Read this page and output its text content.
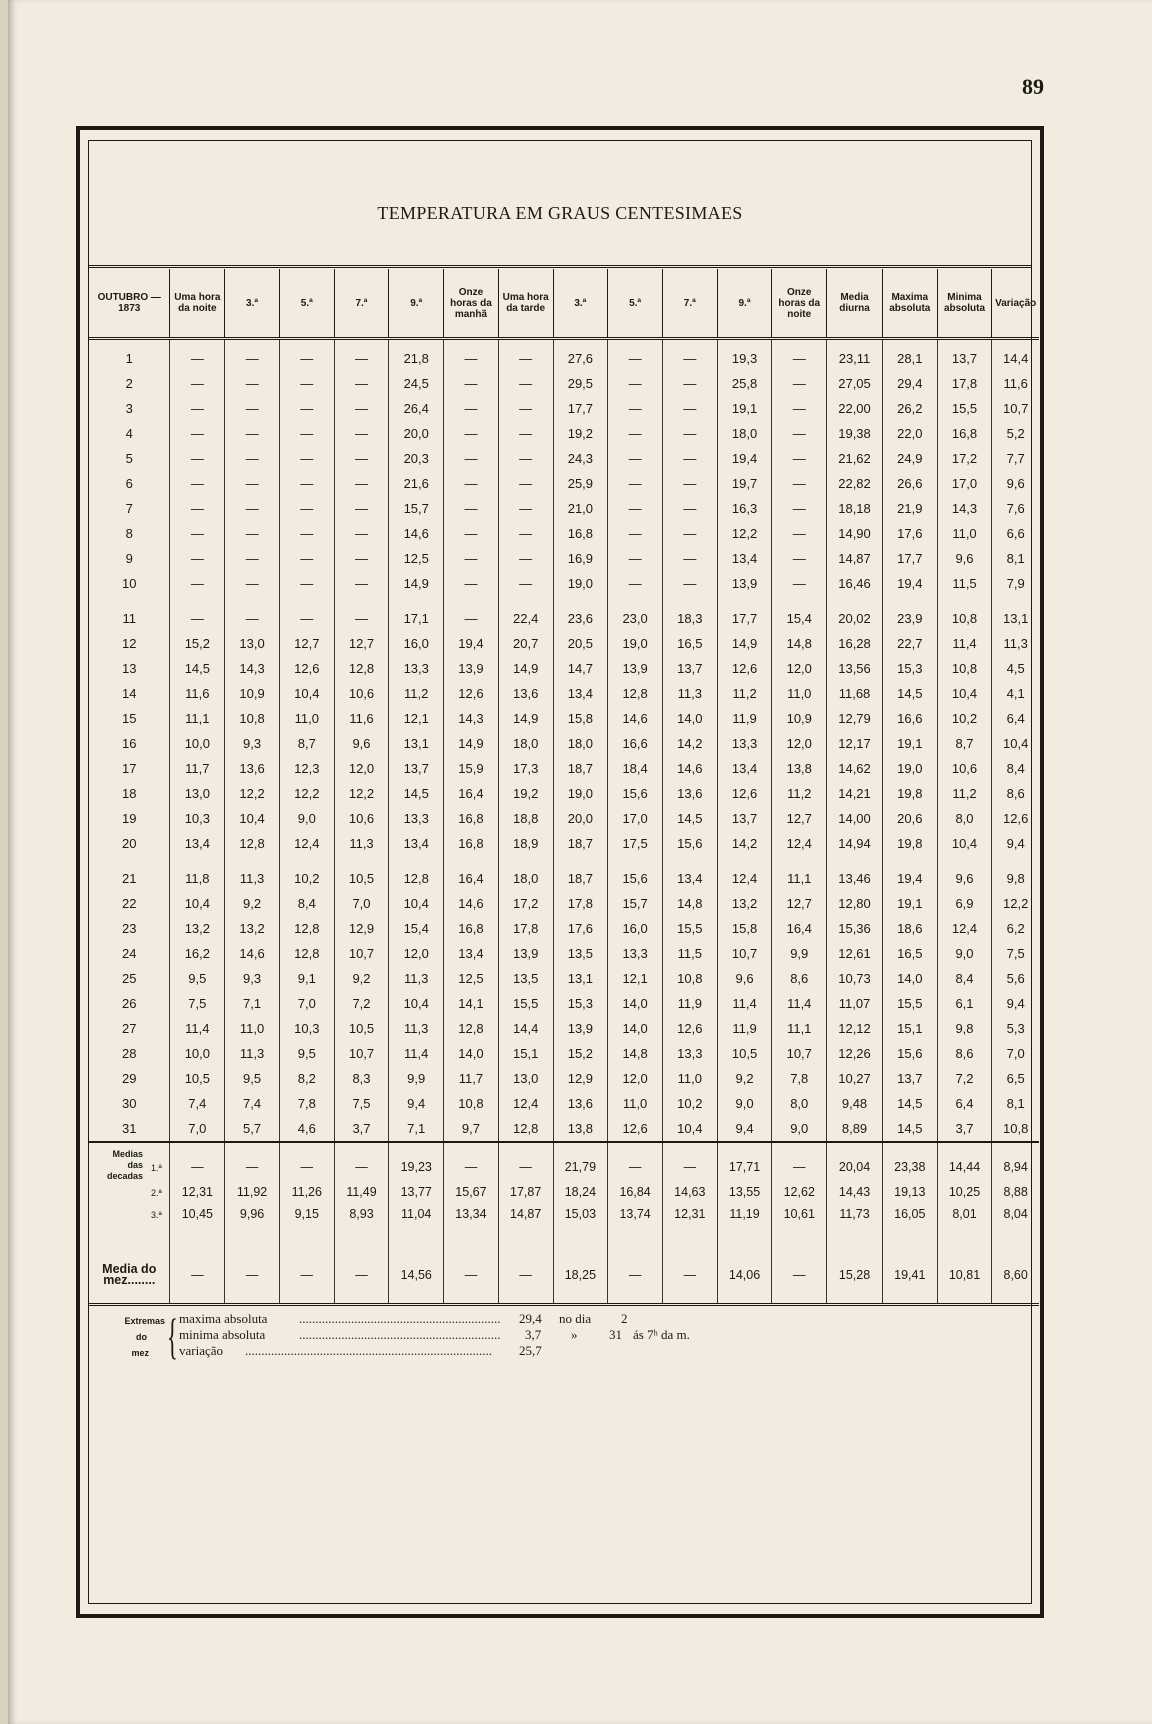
89
TEMPERATURA EM GRAUS CENTESIMAES
OUTUBRO — 1873	Uma hora da noite	3.ª	5.ª	7.ª	9.ª	Onze horas da manhã	Uma hora da tarde	3.ª	5.ª	7.ª	9.ª	Onze horas da noite	Media diurna	Maxima absoluta	Minima absoluta	Variação
1	—	—	—	—	21,8	—	—	27,6	—	—	19,3	—	23,11	28,1	13,7	14,4
2	—	—	—	—	24,5	—	—	29,5	—	—	25,8	—	27,05	29,4	17,8	11,6
3	—	—	—	—	26,4	—	—	17,7	—	—	19,1	—	22,00	26,2	15,5	10,7
4	—	—	—	—	20,0	—	—	19,2	—	—	18,0	—	19,38	22,0	16,8	5,2
5	—	—	—	—	20,3	—	—	24,3	—	—	19,4	—	21,62	24,9	17,2	7,7
6	—	—	—	—	21,6	—	—	25,9	—	—	19,7	—	22,82	26,6	17,0	9,6
7	—	—	—	—	15,7	—	—	21,0	—	—	16,3	—	18,18	21,9	14,3	7,6
8	—	—	—	—	14,6	—	—	16,8	—	—	12,2	—	14,90	17,6	11,0	6,6
9	—	—	—	—	12,5	—	—	16,9	—	—	13,4	—	14,87	17,7	9,6	8,1
10	—	—	—	—	14,9	—	—	19,0	—	—	13,9	—	16,46	19,4	11,5	7,9
11	—	—	—	—	17,1	—	22,4	23,6	23,0	18,3	17,7	15,4	20,02	23,9	10,8	13,1
12	15,2	13,0	12,7	12,7	16,0	19,4	20,7	20,5	19,0	16,5	14,9	14,8	16,28	22,7	11,4	11,3
13	14,5	14,3	12,6	12,8	13,3	13,9	14,9	14,7	13,9	13,7	12,6	12,0	13,56	15,3	10,8	4,5
14	11,6	10,9	10,4	10,6	11,2	12,6	13,6	13,4	12,8	11,3	11,2	11,0	11,68	14,5	10,4	4,1
15	11,1	10,8	11,0	11,6	12,1	14,3	14,9	15,8	14,6	14,0	11,9	10,9	12,79	16,6	10,2	6,4
16	10,0	9,3	8,7	9,6	13,1	14,9	18,0	18,0	16,6	14,2	13,3	12,0	12,17	19,1	8,7	10,4
17	11,7	13,6	12,3	12,0	13,7	15,9	17,3	18,7	18,4	14,6	13,4	13,8	14,62	19,0	10,6	8,4
18	13,0	12,2	12,2	12,2	14,5	16,4	19,2	19,0	15,6	13,6	12,6	11,2	14,21	19,8	11,2	8,6
19	10,3	10,4	9,0	10,6	13,3	16,8	18,8	20,0	17,0	14,5	13,7	12,7	14,00	20,6	8,0	12,6
20	13,4	12,8	12,4	11,3	13,4	16,8	18,9	18,7	17,5	15,6	14,2	12,4	14,94	19,8	10,4	9,4
21	11,8	11,3	10,2	10,5	12,8	16,4	18,0	18,7	15,6	13,4	12,4	11,1	13,46	19,4	9,6	9,8
22	10,4	9,2	8,4	7,0	10,4	14,6	17,2	17,8	15,7	14,8	13,2	12,7	12,80	19,1	6,9	12,2
23	13,2	13,2	12,8	12,9	15,4	16,8	17,8	17,6	16,0	15,5	15,8	16,4	15,36	18,6	12,4	6,2
24	16,2	14,6	12,8	10,7	12,0	13,4	13,9	13,5	13,3	11,5	10,7	9,9	12,61	16,5	9,0	7,5
25	9,5	9,3	9,1	9,2	11,3	12,5	13,5	13,1	12,1	10,8	9,6	8,6	10,73	14,0	8,4	5,6
26	7,5	7,1	7,0	7,2	10,4	14,1	15,5	15,3	14,0	11,9	11,4	11,4	11,07	15,5	6,1	9,4
27	11,4	11,0	10,3	10,5	11,3	12,8	14,4	13,9	14,0	12,6	11,9	11,1	12,12	15,1	9,8	5,3
28	10,0	11,3	9,5	10,7	11,4	14,0	15,1	15,2	14,8	13,3	10,5	10,7	12,26	15,6	8,6	7,0
29	10,5	9,5	8,2	8,3	9,9	11,7	13,0	12,9	12,0	11,0	9,2	7,8	10,27	13,7	7,2	6,5
30	7,4	7,4	7,8	7,5	9,4	10,8	12,4	13,6	11,0	10,2	9,0	8,0	9,48	14,5	6,4	8,1
31	7,0	5,7	4,6	3,7	7,1	9,7	12,8	13,8	12,6	10,4	9,4	9,0	8,89	14,5	3,7	10,8

Medias
das
decadas
1.ª	—	—	—	—	19,23	—	—	21,79	—	—	17,71	—	20,04	23,38	14,44	8,94
2.ª	12,31	11,92	11,26	11,49	13,77	15,67	17,87	18,24	16,84	14,63	13,55	12,62	14,43	19,13	10,25	8,88
3.ª	10,45	9,96	9,15	8,93	11,04	13,34	14,87	15,03	13,74	12,31	11,19	10,61	11,73	16,05	8,01	8,04

Media do
mez........	—	—	—	—	14,56	—	—	18,25	—	—	14,06	—	15,28	19,41	10,81	8,60
Extremas
do
mez { maxima absoluta ..............................................................	29,4 no dia 2
minima absoluta	..............................................................	3,7 » 31 ás 7ʰ da m.
variação ............................................................................	25,7
